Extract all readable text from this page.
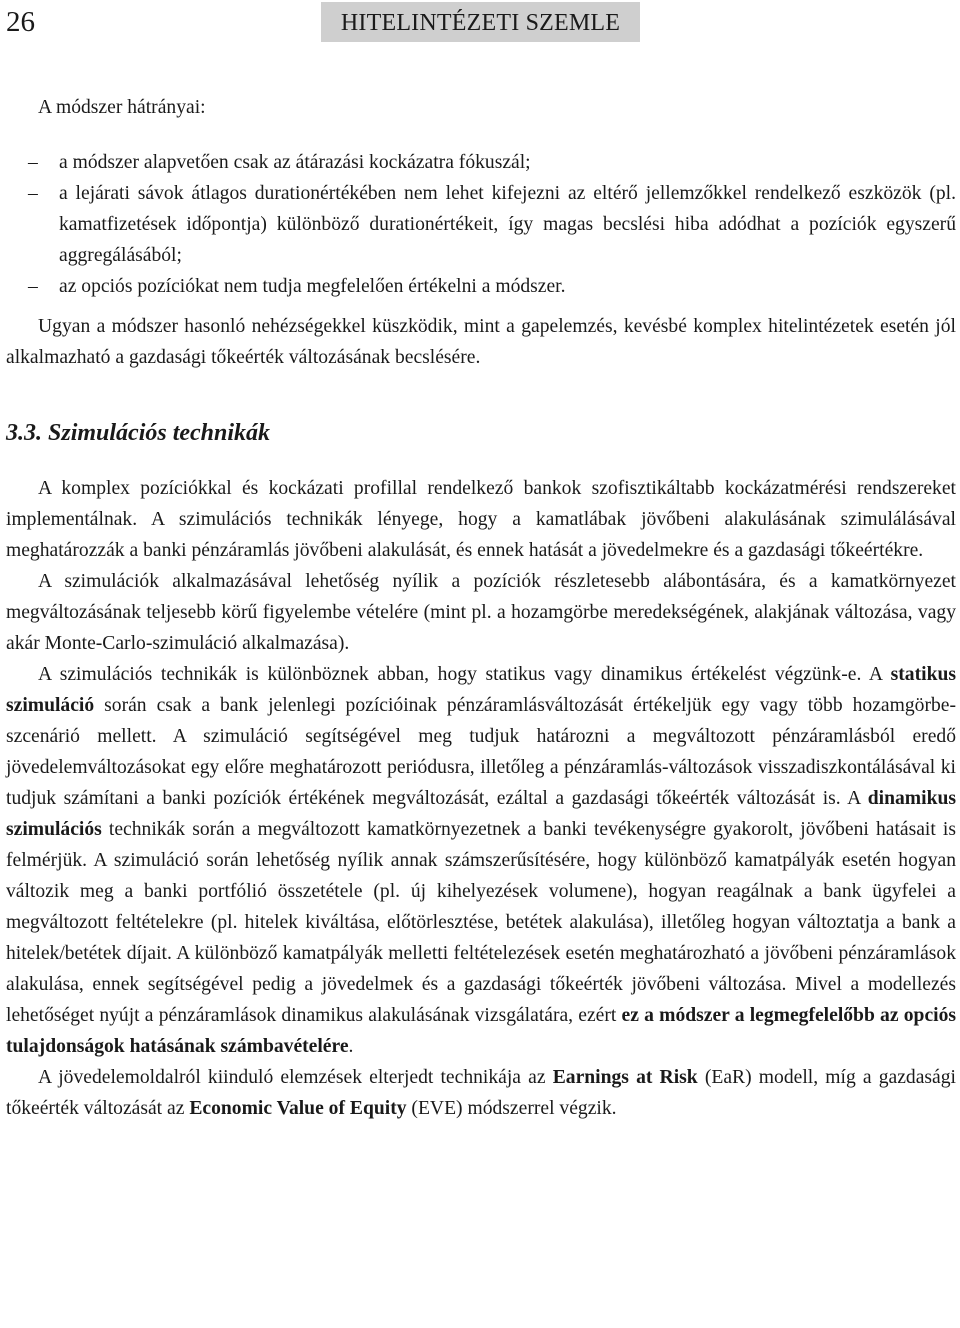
26	HITELINTÉZETI SZEMLE

A módszer hátrányai:

– a módszer alapvetően csak az átárazási kockázatra fókuszál;
– a lejárati sávok átlagos durationértékében nem lehet kifejezni az eltérő jellemzőkkel rendelkező eszközök (pl. kamatfizetések időpontja) különböző durationértékeit, így magas becslési hiba adódhat a pozíciók egyszerű aggregálásából;
– az opciós pozíciókat nem tudja megfelelően értékelni a módszer.

Ugyan a módszer hasonló nehézségekkel küszködik, mint a gapelemzés, kevésbé komplex hitelintézetek esetén jól alkalmazható a gazdasági tőkeérték változásának becslésére.

3.3. Szimulációs technikák

A komplex pozíciókkal és kockázati profillal rendelkező bankok szofisztikáltabb kockázatmérési rendszereket implementálnak. A szimulációs technikák lényege, hogy a kamatlábak jövőbeni alakulásának szimulálásával meghatározzák a banki pénzáramlás jövőbeni alakulását, és ennek hatását a jövedelmekre és a gazdasági tőkeértékre.

A szimulációk alkalmazásával lehetőség nyílik a pozíciók részletesebb alábontására, és a kamatkörnyezet megváltozásának teljesebb körű figyelembe vételére (mint pl. a hozamgörbe meredekségének, alakjának változása, vagy akár Monte-Carlo-szimuláció alkalmazása).

A szimulációs technikák is különböznek abban, hogy statikus vagy dinamikus értékelést végzünk-e. A statikus szimuláció során csak a bank jelenlegi pozícióinak pénzáramlásváltozását értékeljük egy vagy több hozamgörbe-szcenárió mellett. A szimuláció segítségével meg tudjuk határozni a megváltozott pénzáramlásból eredő jövedelemváltozásokat egy előre meghatározott periódusra, illetőleg a pénzáramlás-változások visszadiszkontálásával ki tudjuk számítani a banki pozíciók értékének megváltozását, ezáltal a gazdasági tőkeérték változását is. A dinamikus szimulációs technikák során a megváltozott kamatkörnyezetnek a banki tevékenységre gyakorolt, jövőbeni hatásait is felmérjük. A szimuláció során lehetőség nyílik annak számszerűsítésére, hogy különböző kamatpályák esetén hogyan változik meg a banki portfólió összetétele (pl. új kihelyezések volumene), hogyan reagálnak a bank ügyfelei a megváltozott feltételekre (pl. hitelek kiváltása, előtörlesztése, betétek alakulása), illetőleg hogyan változtatja a bank a hitelek/betétek díjait. A különböző kamatpályák melletti feltételezések esetén meghatározható a jövőbeni pénzáramlások alakulása, ennek segítségével pedig a jövedelmek és a gazdasági tőkeérték jövőbeni változása. Mivel a modellezés lehetőséget nyújt a pénzáramlások dinamikus alakulásának vizsgálatára, ezért ez a módszer a legmegfelelőbb az opciós tulajdonságok hatásának számbavételére.

A jövedelemoldalról kiinduló elemzések elterjedt technikája az Earnings at Risk (EaR) modell, míg a gazdasági tőkeérték változását az Economic Value of Equity (EVE) módszerrel végzik.
